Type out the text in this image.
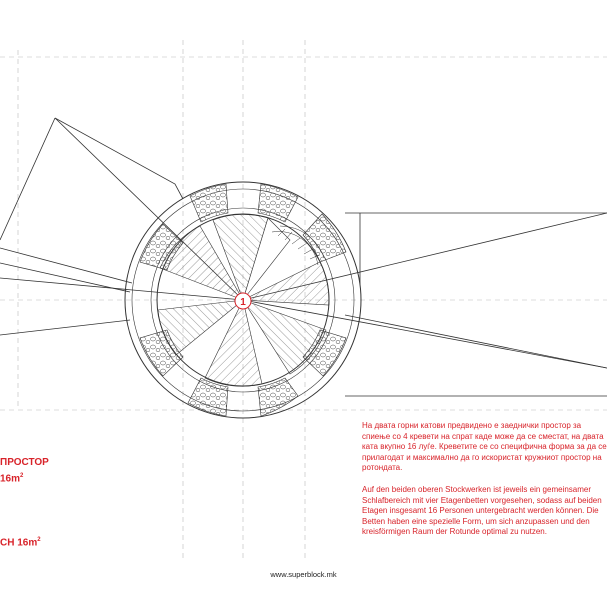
1
ПРОСТОР
$16m^2$
CH $16m^2$

На двата горни катови предвидено е заеднички простор за спиење со 4 кревети на спрат каде може да се сместат, на двата ката вкупно 16 луѓе. Креветите се со специфична форма за да се прилагодат и максимално да го искористат кружниот простор на ротондата.

Auf den beiden oberen Stockwerken ist jeweils ein gemeinsamer Schlafbereich mit vier Etagenbetten vorgesehen, sodass auf beiden Etagen insgesamt 16 Personen untergebracht werden können. Die Betten haben eine spezielle Form, um sich anzupassen und den kreisförmigen Raum der Rotunde optimal zu nutzen.

www.superblock.mk
